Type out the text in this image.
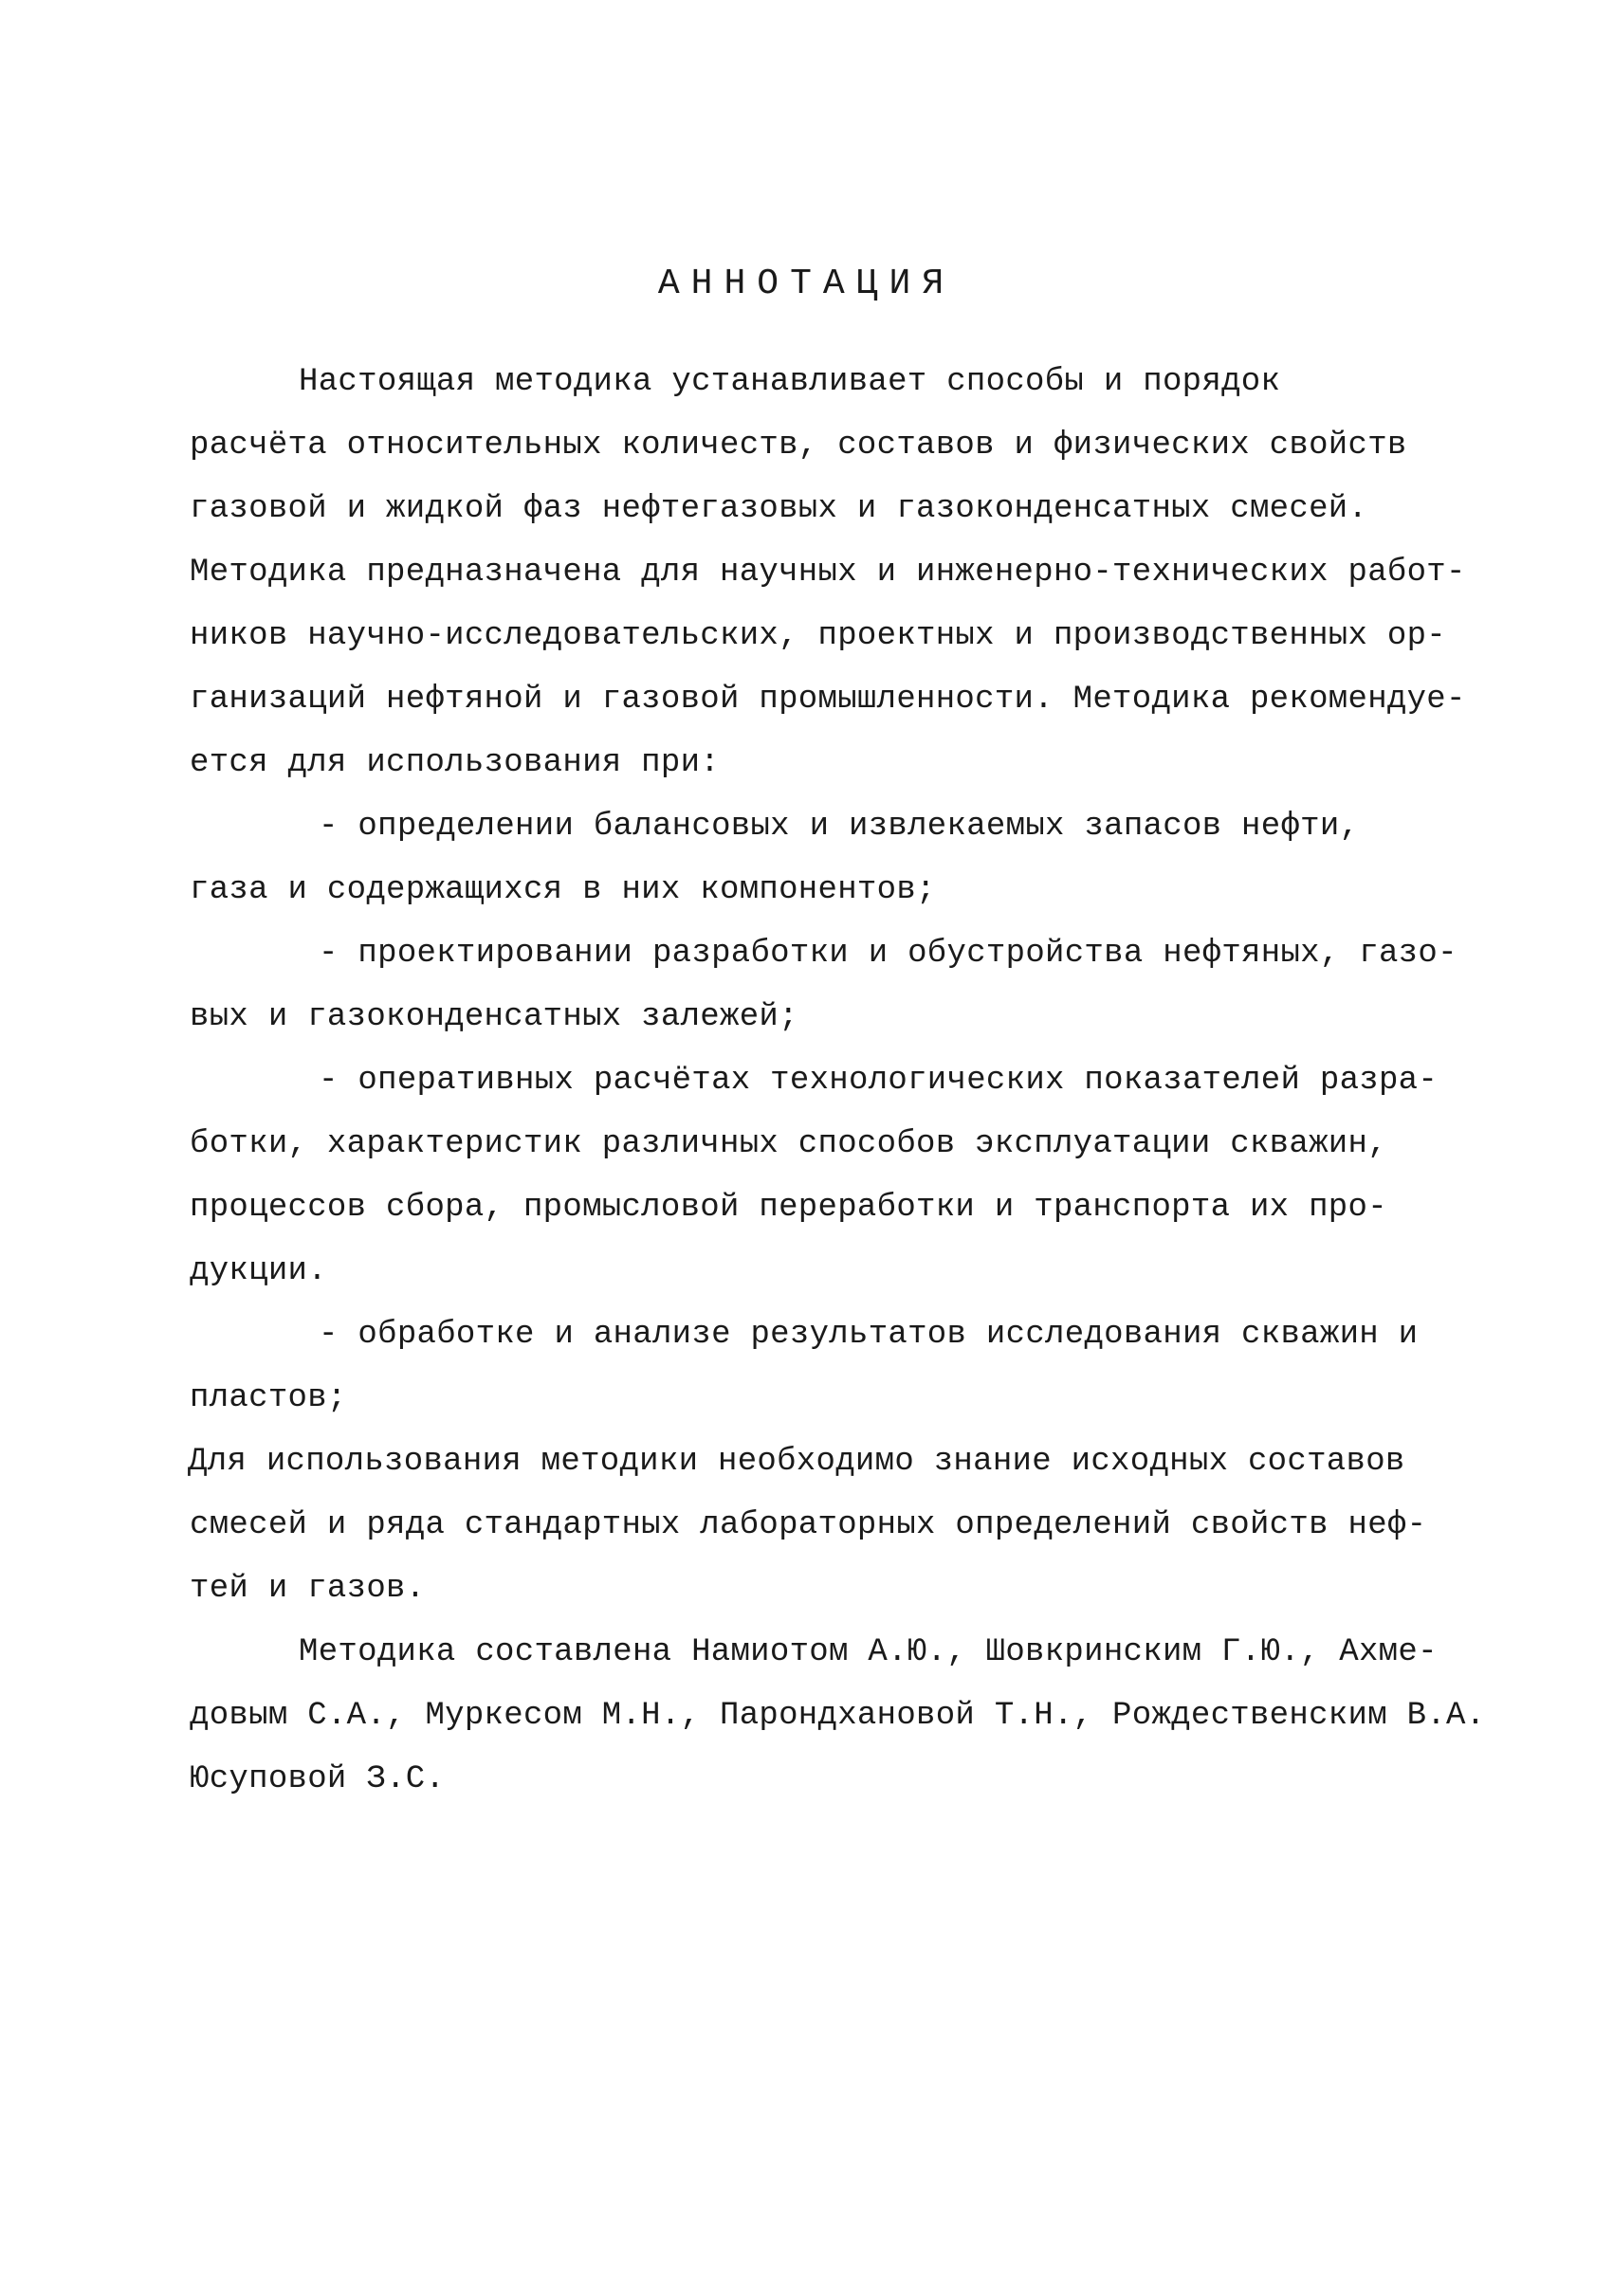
АННОТАЦИЯ
Настоящая методика устанавливает способы и порядок
расчёта относительных количеств, составов и физических свойств
газовой и жидкой фаз нефтегазовых и газоконденсатных смесей.
Методика предназначена для научных и инженерно-технических работ-
ников научно-исследовательских, проектных и производственных ор-
ганизаций нефтяной и газовой промышленности. Методика рекомендуе-
ется для использования при:
- определении балансовых и извлекаемых запасов нефти,
газа и содержащихся в них компонентов;
- проектировании разработки и обустройства нефтяных, газо-
вых и газоконденсатных залежей;
- оперативных расчётах технологических показателей разра-
ботки, характеристик различных способов эксплуатации скважин,
процессов сбора, промысловой переработки и транспорта их про-
дукции.
- обработке и анализе результатов исследования скважин и
пластов;
Для использования методики необходимо знание исходных составов
смесей и ряда стандартных лабораторных определений свойств неф-
тей и газов.
Методика составлена Намиотом А.Ю., Шовкринским Г.Ю., Ахме-
довым С.А., Муркесом М.Н., Парондхановой Т.Н., Рождественским В.А.
Юсуповой З.С.
